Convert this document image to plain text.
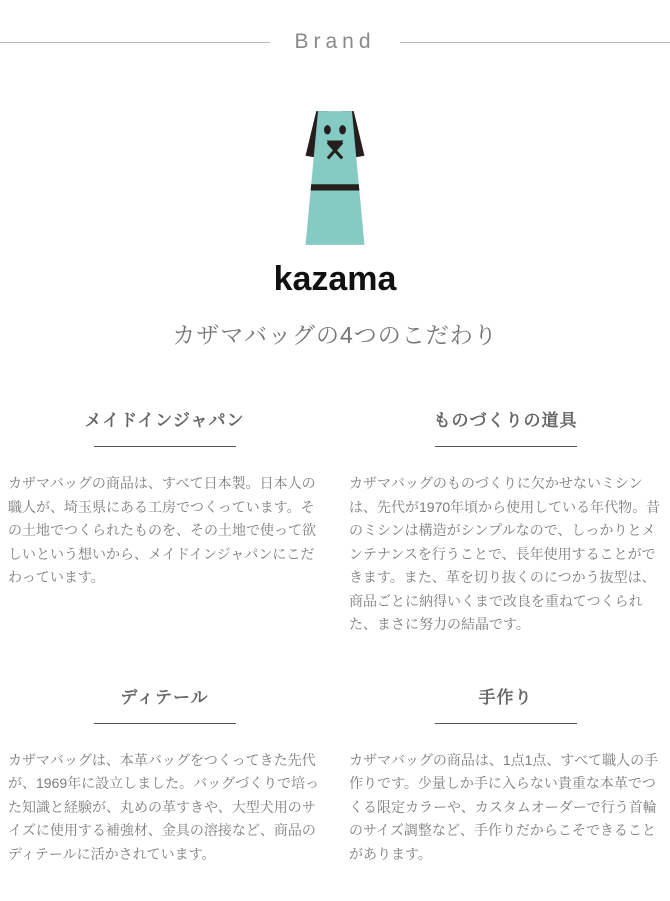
Brand
kazama
カザマバッグの4つのこだわり
メイドインジャパン

カザマバッグの商品は、すべて日本製。日本人の職人が、埼玉県にある工房でつくっています。その土地でつくられたものを、その土地で使って欲しいという想いから、メイドインジャパンにこだわっています。

ものづくりの道具

カザマバッグのものづくりに欠かせないミシンは、先代が1970年頃から使用している年代物。昔のミシンは構造がシンプルなので、しっかりとメンテナンスを行うことで、長年使用することができます。また、革を切り抜くのにつかう抜型は、商品ごとに納得いくまで改良を重ねてつくられた、まさに努力の結晶です。

ディテール

カザマバッグは、本革バッグをつくってきた先代が、1969年に設立しました。バッグづくりで培った知識と経験が、丸めの革すきや、大型犬用のサイズに使用する補強材、金具の溶接など、商品のディテールに活かされています。

手作り

カザマバッグの商品は、1点1点、すべて職人の手作りです。少量しか手に入らない貴重な本革でつくる限定カラーや、カスタムオーダーで行う首輪のサイズ調整など、手作りだからこそできることがあります。
